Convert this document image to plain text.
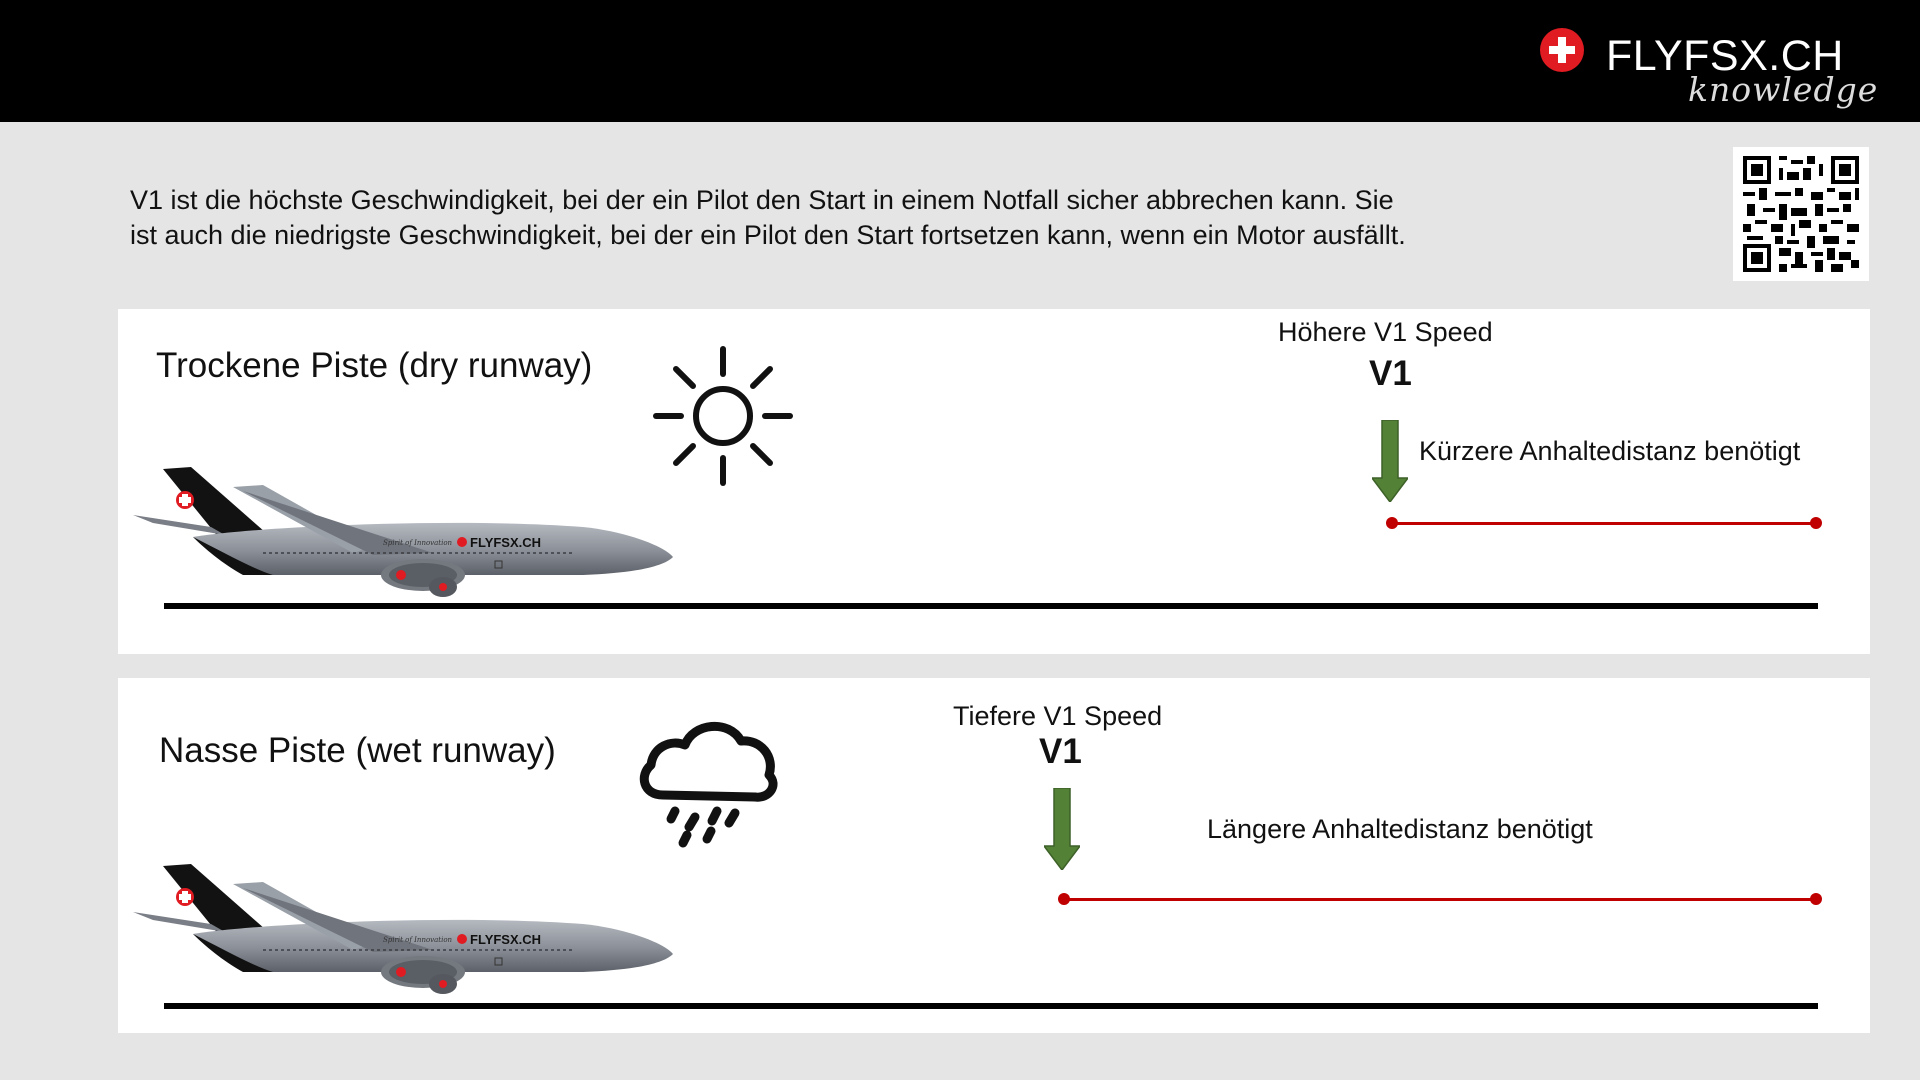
FLYFSX.CH
knowledge
V1 ist die höchste Geschwindigkeit, bei der ein Pilot den Start in einem Notfall sicher abbrechen kann. Sie
ist auch die niedrigste Geschwindigkeit, bei der ein Pilot den Start fortsetzen kann, wenn ein Motor ausfällt.
Trockene Piste (dry runway)
FLYFSX.CH
Spirit of Innovation
Höhere V1 Speed
V1
Kürzere Anhaltedistanz benötigt
Nasse Piste (wet runway)
FLYFSX.CH
Spirit of Innovation
Tiefere V1 Speed
V1
Längere Anhaltedistanz benötigt
